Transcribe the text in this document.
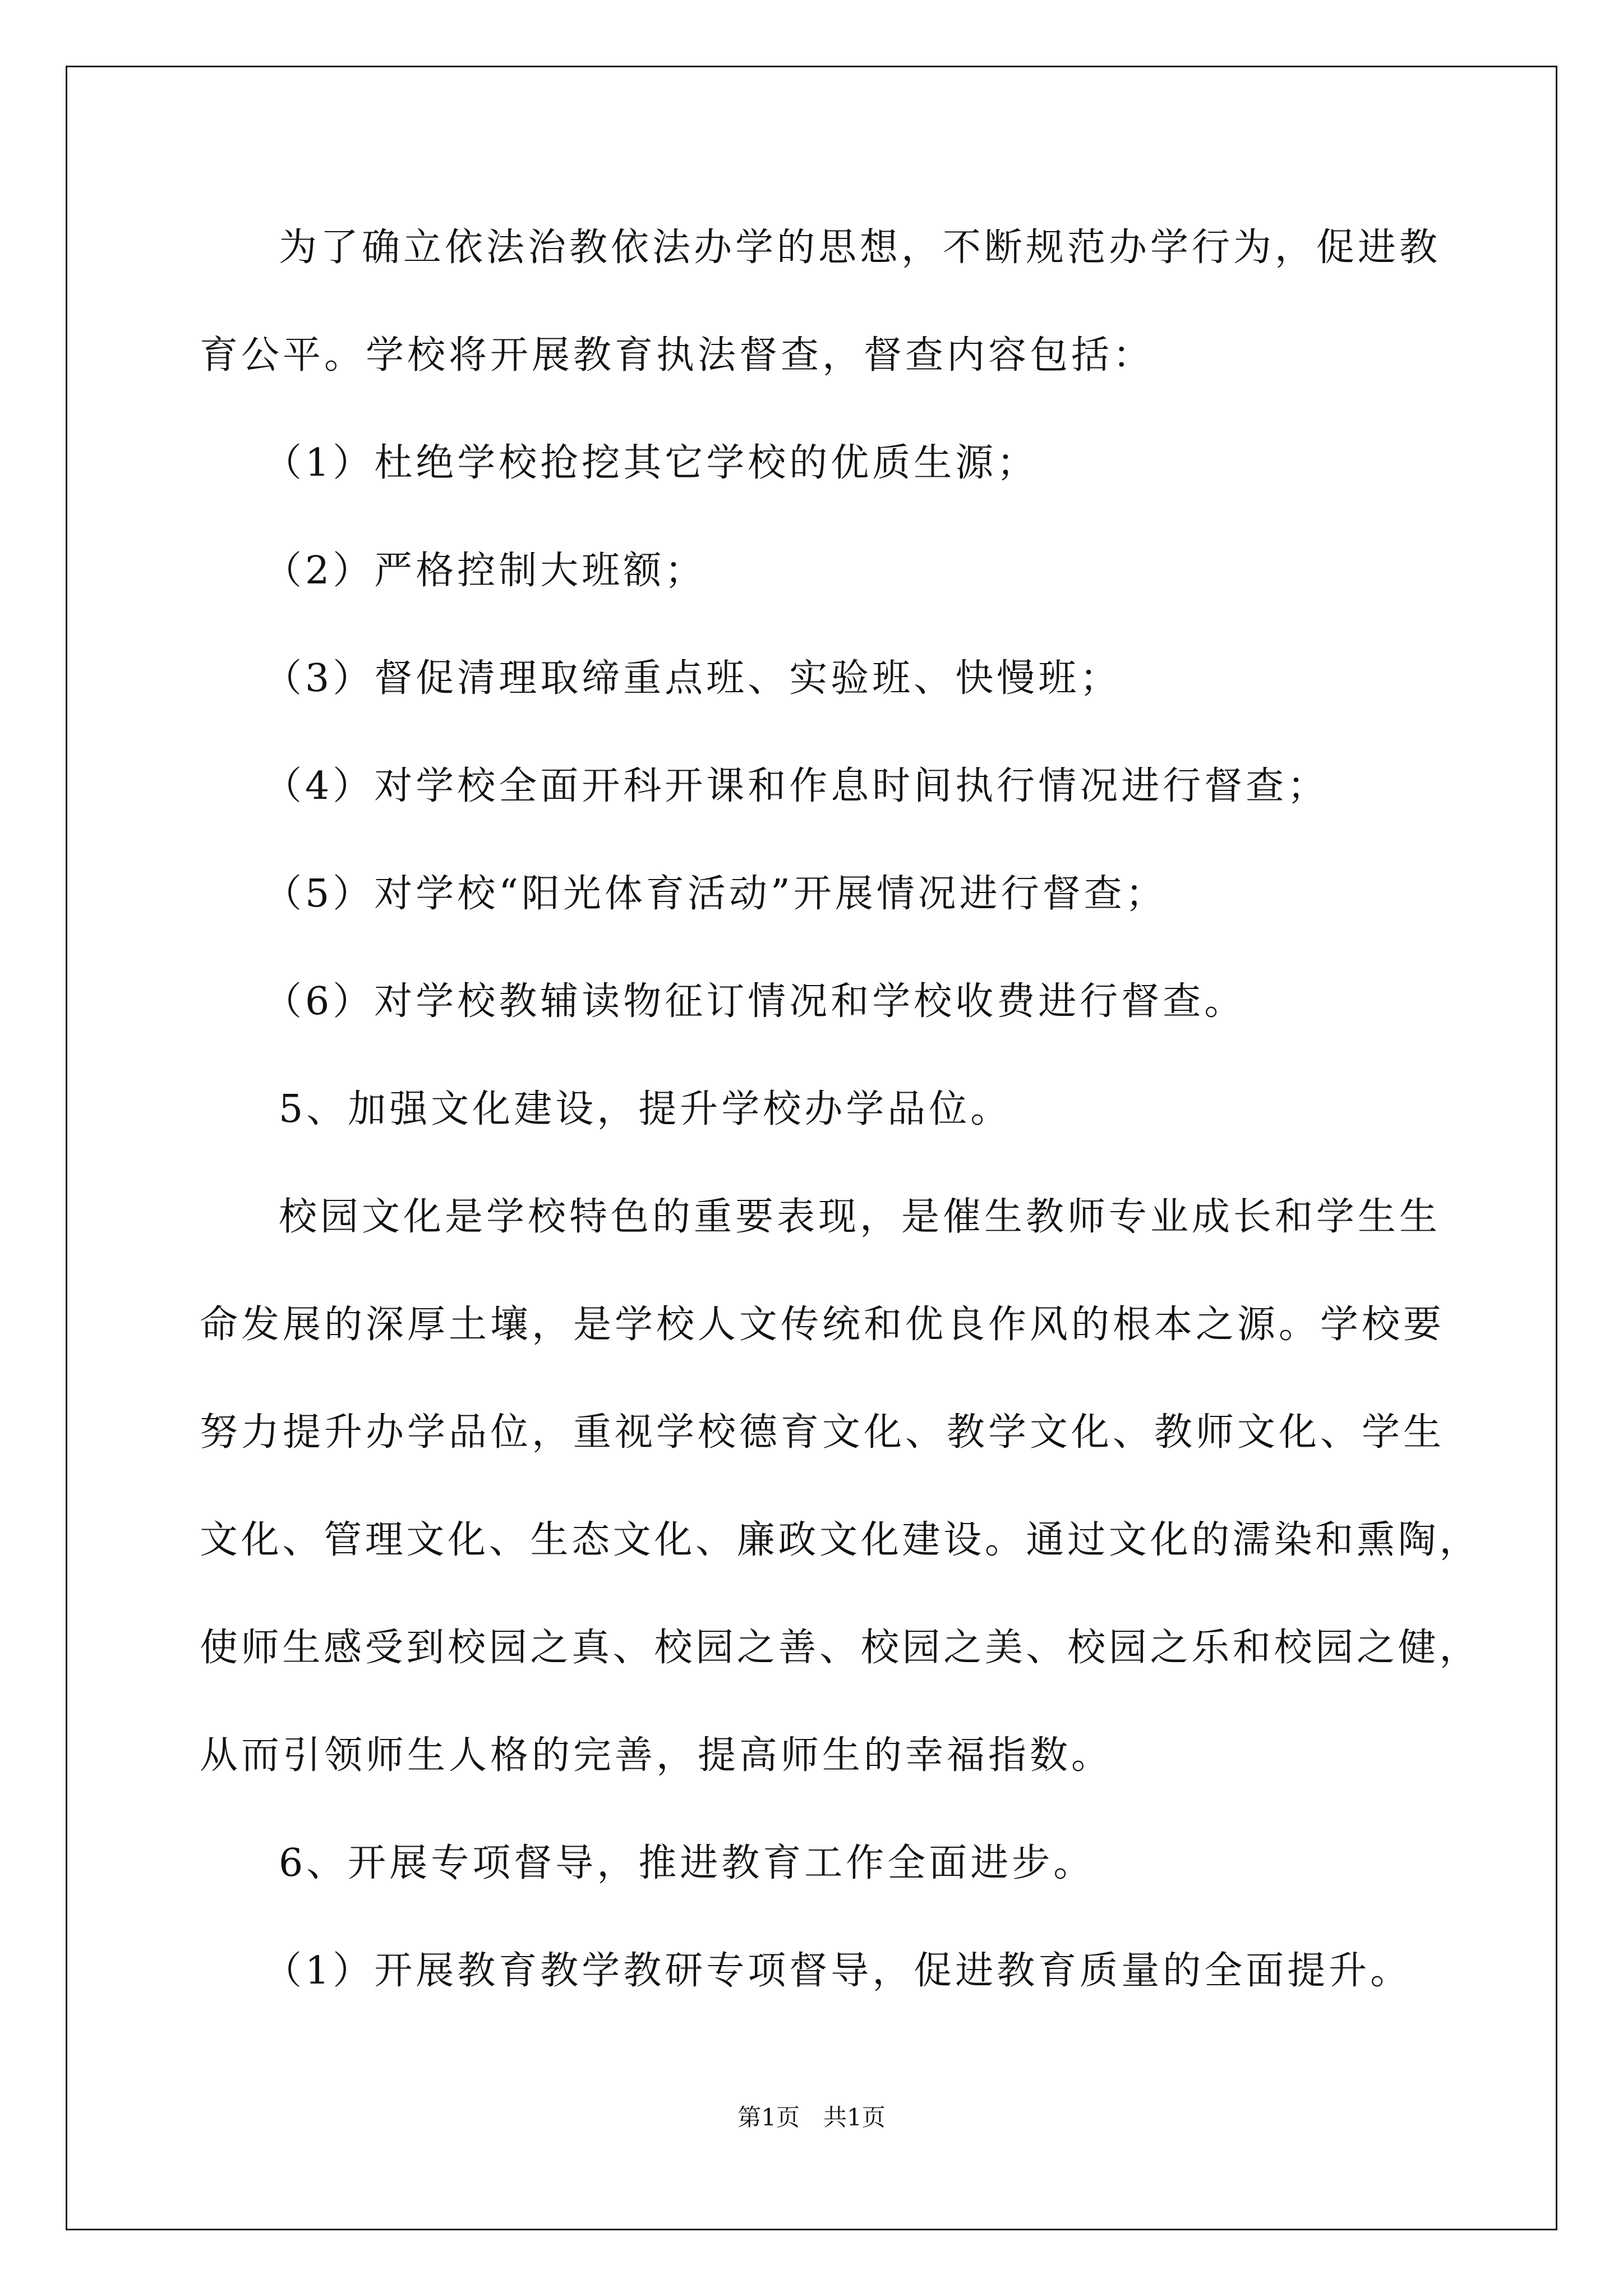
为了确立依法治教依法办学的思想，不断规范办学行为，促进教
育公平。学校将开展教育执法督查，督查内容包括：
（1）杜绝学校抢挖其它学校的优质生源；
（2）严格控制大班额；
（3）督促清理取缔重点班、实验班、快慢班；
（4）对学校全面开科开课和作息时间执行情况进行督查；
（5）对学校“阳光体育活动”开展情况进行督查；
（6）对学校教辅读物征订情况和学校收费进行督查。
5、加强文化建设，提升学校办学品位。
校园文化是学校特色的重要表现，是催生教师专业成长和学生生
命发展的深厚土壤，是学校人文传统和优良作风的根本之源。学校要
努力提升办学品位，重视学校德育文化、教学文化、教师文化、学生
文化、管理文化、生态文化、廉政文化建设。通过文化的濡染和熏陶，
使师生感受到校园之真、校园之善、校园之美、校园之乐和校园之健，
从而引领师生人格的完善，提高师生的幸福指数。
6、开展专项督导，推进教育工作全面进步。
（1）开展教育教学教研专项督导，促进教育质量的全面提升。
第1页　共1页
